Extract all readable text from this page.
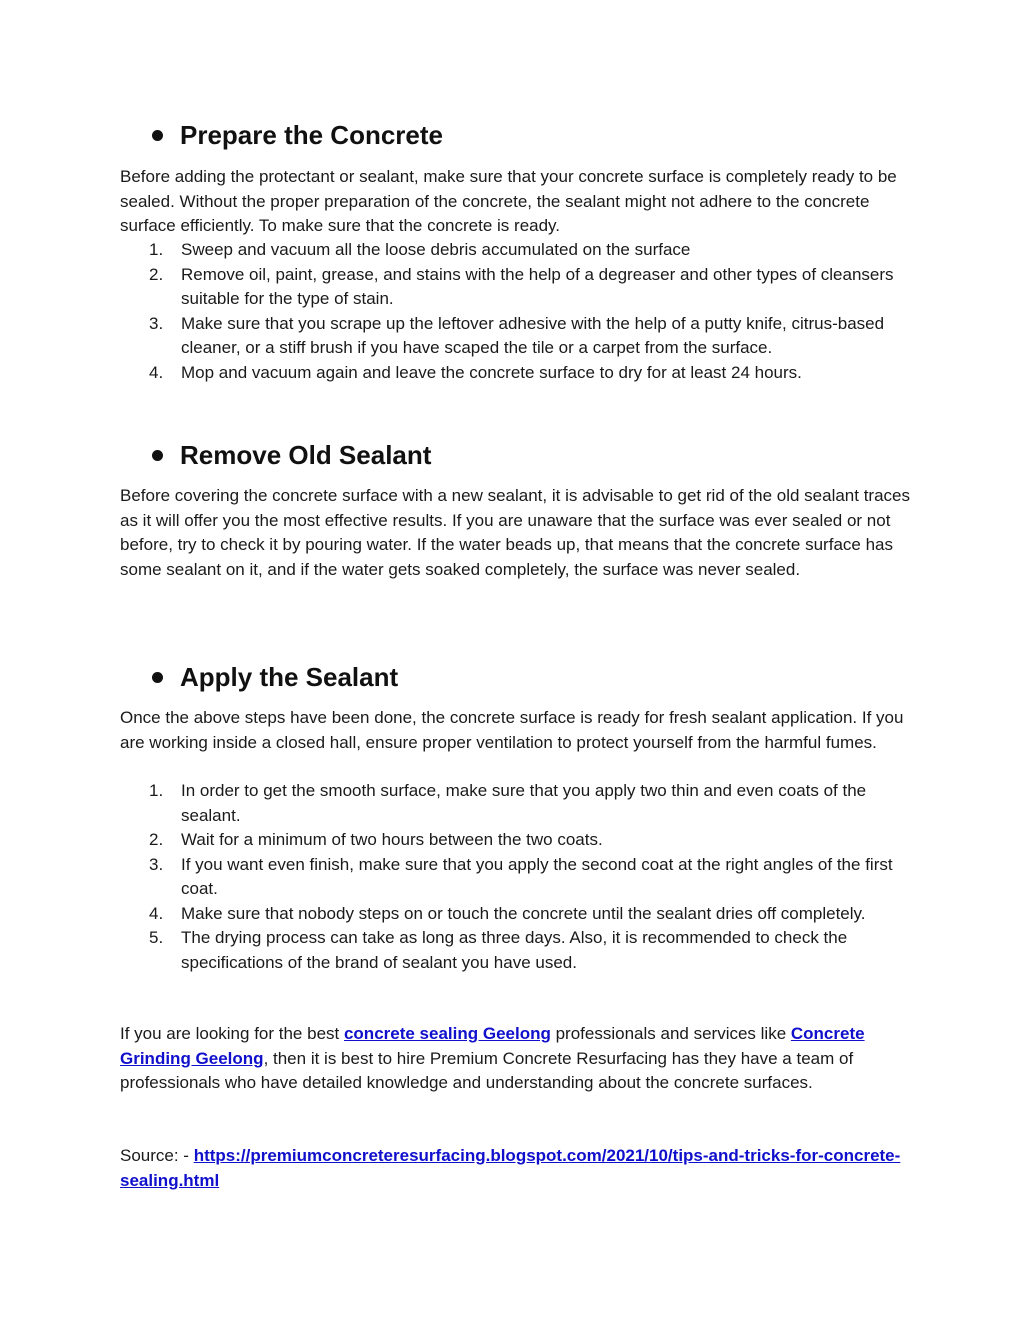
Prepare the Concrete

Before adding the protectant or sealant, make sure that your concrete surface is completely ready to be sealed. Without the proper preparation of the concrete, the sealant might not adhere to the concrete surface efficiently. To make sure that the concrete is ready.

1. Sweep and vacuum all the loose debris accumulated on the surface
2. Remove oil, paint, grease, and stains with the help of a degreaser and other types of cleansers suitable for the type of stain.
3. Make sure that you scrape up the leftover adhesive with the help of a putty knife, citrus-based cleaner, or a stiff brush if you have scaped the tile or a carpet from the surface.
4. Mop and vacuum again and leave the concrete surface to dry for at least 24 hours.
Remove Old Sealant

Before covering the concrete surface with a new sealant, it is advisable to get rid of the old sealant traces as it will offer you the most effective results. If you are unaware that the surface was ever sealed or not before, try to check it by pouring water. If the water beads up, that means that the concrete surface has some sealant on it, and if the water gets soaked completely, the surface was never sealed.

Apply the Sealant

Once the above steps have been done, the concrete surface is ready for fresh sealant application. If you are working inside a closed hall, ensure proper ventilation to protect yourself from the harmful fumes.

1. In order to get the smooth surface, make sure that you apply two thin and even coats of the sealant.
2. Wait for a minimum of two hours between the two coats.
3. If you want even finish, make sure that you apply the second coat at the right angles of the first coat.
4. Make sure that nobody steps on or touch the concrete until the sealant dries off completely.
5. The drying process can take as long as three days. Also, it is recommended to check the specifications of the brand of sealant you have used.

If you are looking for the best concrete sealing Geelong professionals and services like Concrete Grinding Geelong, then it is best to hire Premium Concrete Resurfacing has they have a team of professionals who have detailed knowledge and understanding about the concrete surfaces.

Source: - https://premiumconcreteresurfacing.blogspot.com/2021/10/tips-and-tricks-for-concrete-sealing.html
